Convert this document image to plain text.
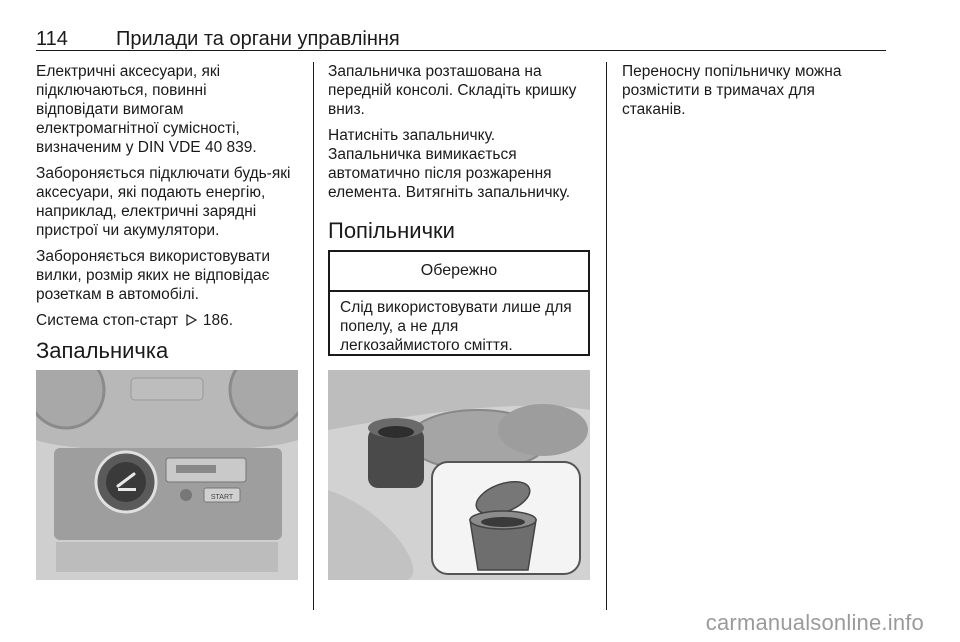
114 Прилади та органи управління

Електричні аксесуари, які
підключаються, повинні
відповідати вимогам
електромагнітної сумісності,
визначеним у DIN VDE 40 839.

Забороняється підключати будь-які
аксесуари, які подають енергію,
наприклад, електричні зарядні
пристрої чи акумулятори.

Забороняється використовувати
вилки, розмір яких не відповідає
розеткам в автомобілі.

Система стоп-старт 186.

Запальничка
START

Запальничка розташована на
передній консолі. Складіть кришку
вниз.

Натисніть запальничку.
Запальничка вимикається
автоматично після розжарення
елемента. Витягніть запальничку.

Попільнички
Обережно
Слід використовувати лише для
попелу, а не для
легкозаймистого сміття.

Переносну попільничку можна
розмістити в тримачах для
стаканів.

carmanualsonline.info
